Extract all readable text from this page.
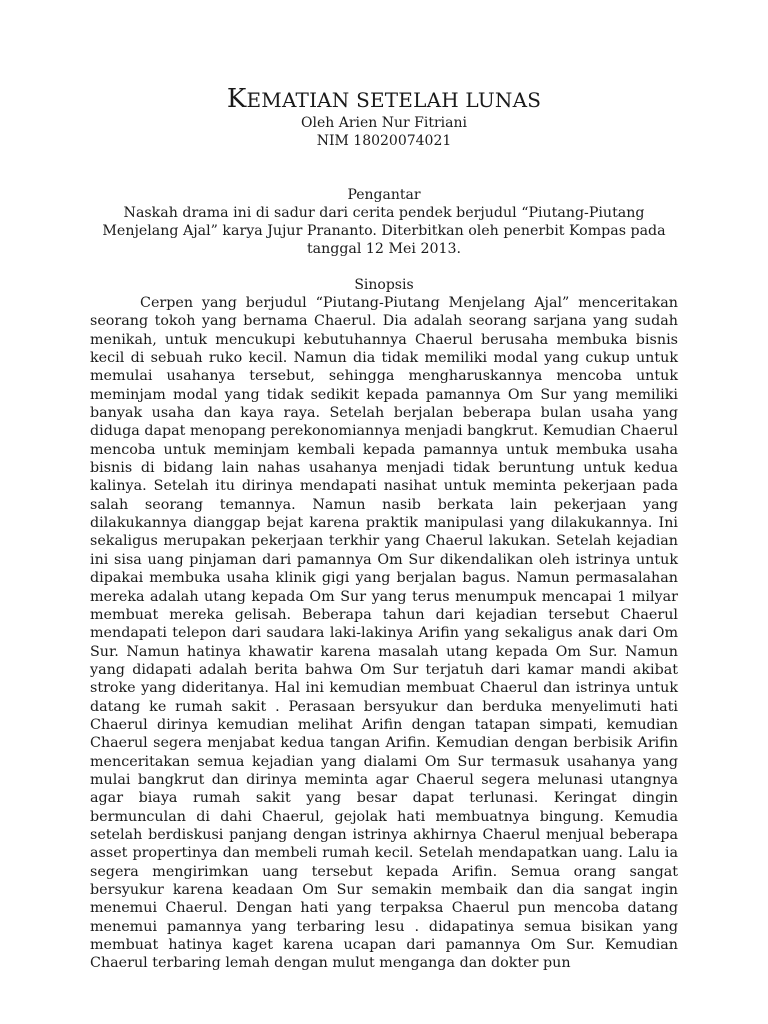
KEMATIAN SETELAH LUNAS

Oleh Arien Nur Fitriani

NIM 18020074021

Pengantar

Naskah drama ini di sadur dari cerita pendek berjudul “Piutang-Piutang Menjelang Ajal” karya Jujur Prananto. Diterbitkan oleh penerbit Kompas pada tanggal 12 Mei 2013.

Sinopsis

Cerpen yang berjudul “Piutang-Piutang Menjelang Ajal” menceritakan seorang tokoh yang bernama Chaerul. Dia adalah seorang sarjana yang sudah menikah, untuk mencukupi kebutuhannya Chaerul berusaha membuka bisnis kecil di sebuah ruko kecil. Namun dia tidak memiliki modal yang cukup untuk memulai usahanya tersebut, sehingga mengharuskannya mencoba untuk meminjam modal yang tidak sedikit kepada pamannya Om Sur yang memiliki banyak usaha dan kaya raya. Setelah berjalan beberapa bulan usaha yang diduga dapat menopang perekonomiannya menjadi bangkrut. Kemudian Chaerul mencoba untuk meminjam kembali kepada pamannya untuk membuka usaha bisnis di bidang lain nahas usahanya menjadi tidak beruntung untuk kedua kalinya. Setelah itu dirinya mendapati nasihat untuk meminta pekerjaan pada salah seorang temannya. Namun nasib berkata lain pekerjaan yang dilakukannya dianggap bejat karena praktik manipulasi yang dilakukannya. Ini sekaligus merupakan pekerjaan terkhir yang Chaerul lakukan. Setelah kejadian ini sisa uang pinjaman dari pamannya Om Sur dikendalikan oleh istrinya untuk dipakai membuka usaha klinik gigi yang berjalan bagus. Namun permasalahan mereka adalah utang kepada Om Sur yang terus menumpuk mencapai 1 milyar membuat mereka gelisah. Beberapa tahun dari kejadian tersebut Chaerul mendapati telepon dari saudara laki-lakinya Arifin yang sekaligus anak dari Om Sur. Namun hatinya khawatir karena masalah utang kepada Om Sur. Namun yang didapati adalah berita bahwa Om Sur terjatuh dari kamar mandi akibat stroke yang dideritanya. Hal ini kemudian membuat Chaerul dan istrinya untuk datang ke rumah sakit . Perasaan bersyukur dan berduka menyelimuti hati Chaerul dirinya kemudian melihat Arifin dengan tatapan simpati, kemudian Chaerul segera menjabat kedua tangan Arifin. Kemudian dengan berbisik Arifin menceritakan semua kejadian yang dialami Om Sur termasuk usahanya yang mulai bangkrut dan dirinya meminta agar Chaerul segera melunasi utangnya agar biaya rumah sakit yang besar dapat terlunasi. Keringat dingin bermunculan di dahi Chaerul, gejolak hati membuatnya bingung. Kemudia setelah berdiskusi panjang dengan istrinya akhirnya Chaerul menjual beberapa asset propertinya dan membeli rumah kecil. Setelah mendapatkan uang. Lalu ia segera mengirimkan uang tersebut kepada Arifin. Semua orang sangat bersyukur karena keadaan Om Sur semakin membaik dan dia sangat ingin menemui Chaerul. Dengan hati yang terpaksa Chaerul pun mencoba datang menemui pamannya yang terbaring lesu . didapatinya semua bisikan yang membuat hatinya kaget karena ucapan dari pamannya Om Sur. Kemudian Chaerul terbaring lemah dengan mulut menganga dan dokter pun
